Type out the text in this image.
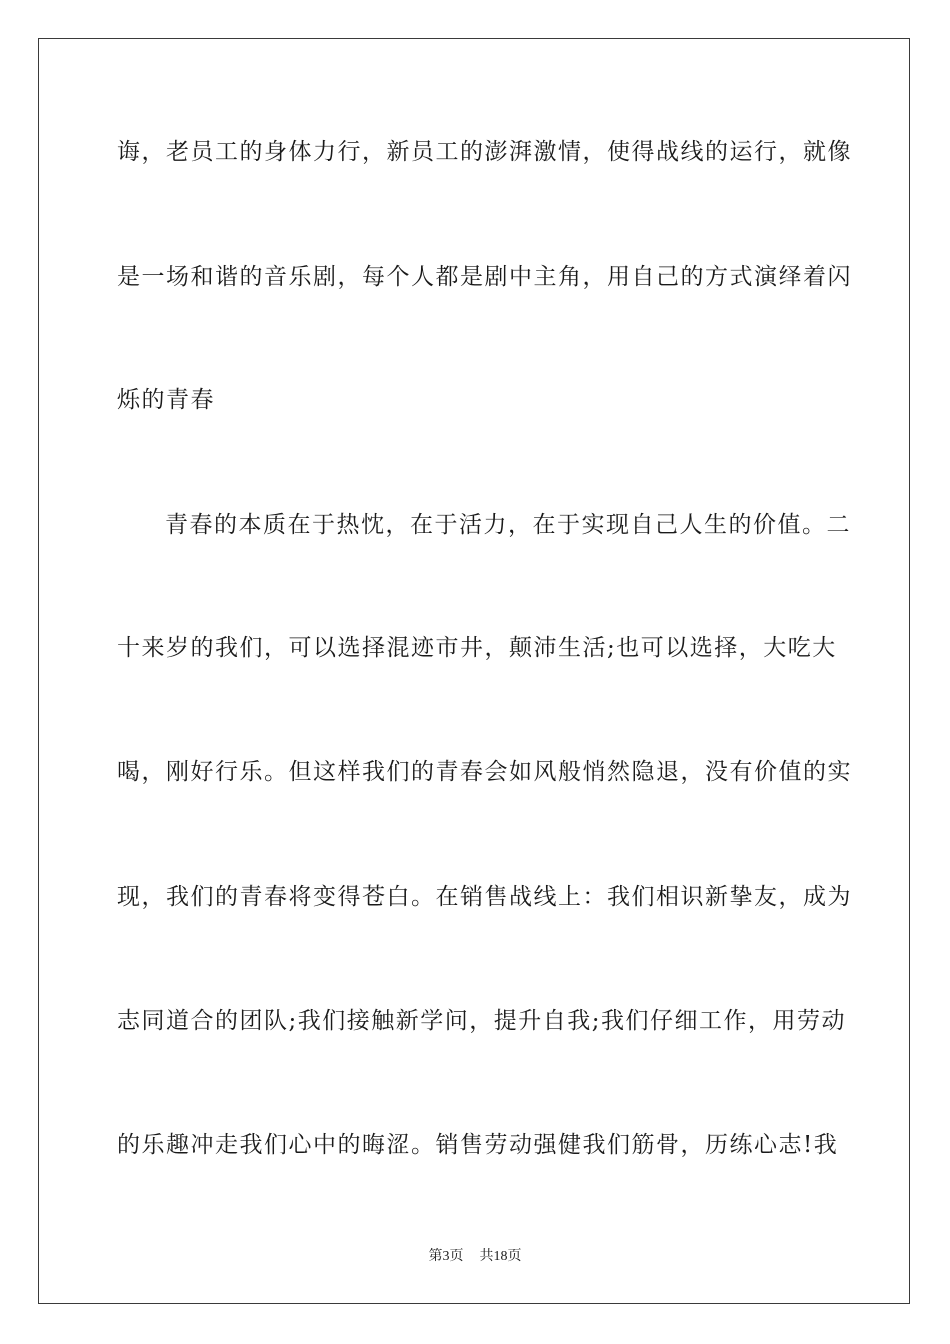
诲，老员工的身体力行，新员工的澎湃激情，使得战线的运行，就像
是一场和谐的音乐剧，每个人都是剧中主角，用自己的方式演绎着闪
烁的青春
青春的本质在于热忱，在于活力，在于实现自己人生的价值。二
十来岁的我们，可以选择混迹市井，颠沛生活;也可以选择，大吃大
喝，刚好行乐。但这样我们的青春会如风般悄然隐退，没有价值的实
现，我们的青春将变得苍白。在销售战线上：我们相识新挚友，成为
志同道合的团队;我们接触新学问，提升自我;我们仔细工作，用劳动
的乐趣冲走我们心中的晦涩。销售劳动强健我们筋骨，历练心志!我
第3页 共18页
